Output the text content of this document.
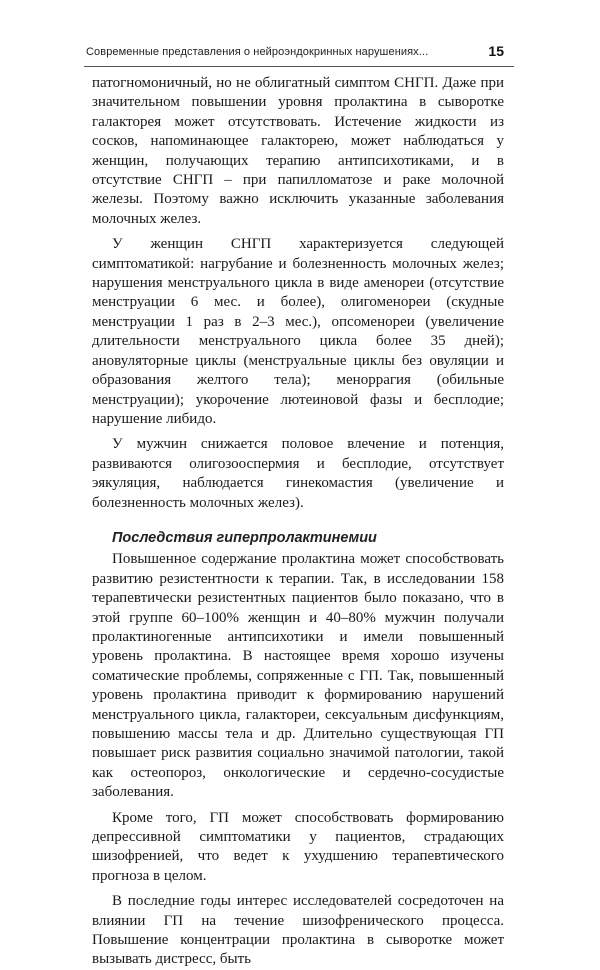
Современные представления о нейроэндокринных нарушениях...	15

патогномоничный, но не облигатный симптом СНГП. Даже при значительном повышении уровня пролактина в сыворотке галакторея может отсутствовать. Истечение жидкости из сосков, напоминающее галакторею, может наблюдаться у женщин, получающих терапию антипсихотиками, и в отсутствие СНГП – при папилломатозе и раке молочной железы. Поэтому важно исключить указанные заболевания молочных желез.

У женщин СНГП характеризуется следующей симптоматикой: нагрубание и болезненность молочных желез; нарушения менструального цикла в виде аменореи (отсутствие менструации 6 мес. и более), олигоменореи (скудные менструации 1 раз в 2–3 мес.), опсоменореи (увеличение длительности менструального цикла более 35 дней); ановуляторные циклы (менструальные циклы без овуляции и образования желтого тела); меноррагия (обильные менструации); укорочение лютеиновой фазы и бесплодие; нарушение либидо.

У мужчин снижается половое влечение и потенция, развиваются олигозооспермия и бесплодие, отсутствует эякуляция, наблюдается гинекомастия (увеличение и болезненность молочных желез).

Последствия гиперпролактинемии

Повышенное содержание пролактина может способствовать развитию резистентности к терапии. Так, в исследовании 158 терапевтически резистентных пациентов было показано, что в этой группе 60–100% женщин и 40–80% мужчин получали пролактиногенные антипсихотики и имели повышенный уровень пролактина. В настоящее время хорошо изучены соматические проблемы, сопряженные с ГП. Так, повышенный уровень пролактина приводит к формированию нарушений менструального цикла, галактореи, сексуальным дисфункциям, повышению массы тела и др. Длительно существующая ГП повышает риск развития социально значимой патологии, такой как остеопороз, онкологические и сердечно-сосудистые заболевания.

Кроме того, ГП может способствовать формированию депрессивной симптоматики у пациентов, страдающих шизофренией, что ведет к ухудшению терапевтического прогноза в целом.

В последние годы интерес исследователей сосредоточен на влиянии ГП на течение шизофренического процесса. Повышение концентрации пролактина в сыворотке может вызывать дистресс, быть
